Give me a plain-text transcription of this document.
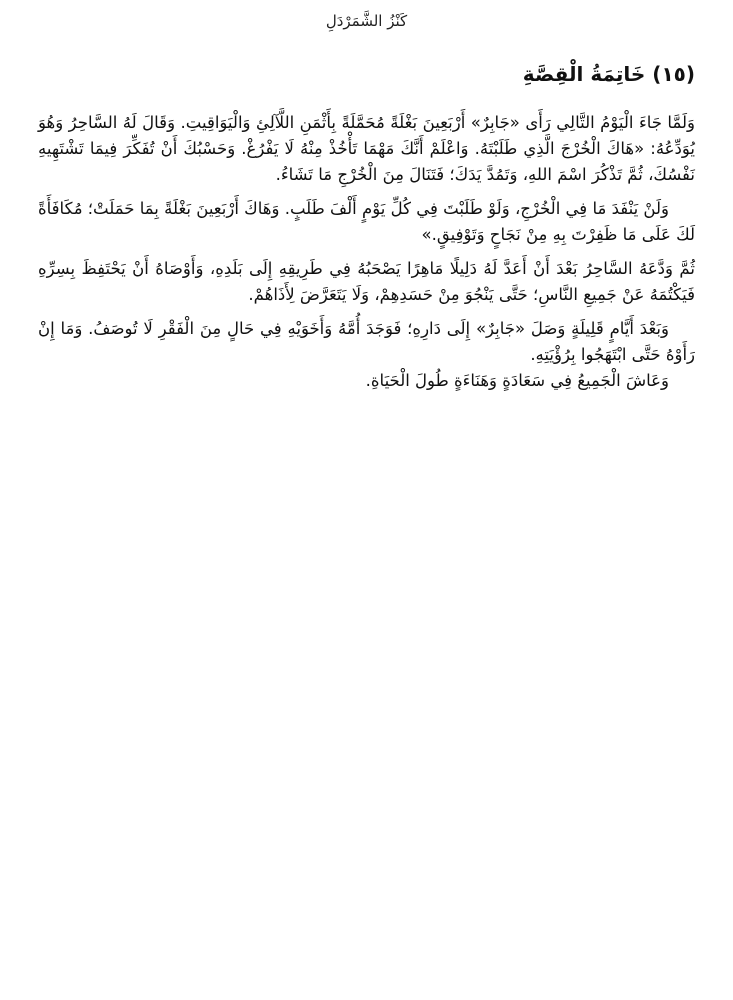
كَنْزُ الشَّمَرْدَلِ
(١٥) خَاتِمَةُ الْقِصَّةِ

وَلَمَّا جَاءَ الْيَوْمُ التَّالِي رَأَى «جَابِرٌ» أَرْبَعِينَ بَغْلَةً مُحَمَّلَةً بِأَثْمَنِ اللَّآلِئِ وَالْيَوَاقِيتِ. وَقَالَ لَهُ السَّاحِرُ وَهُوَ يُوَدِّعُهُ: «هَاكَ الْخُرْجَ الَّذِي طَلَبْتَهُ. وَاعْلَمْ أَنَّكَ مَهْمَا تَأْخُذْ مِنْهُ لَا يَفْرُغْ. وَحَسْبُكَ أَنْ تُفَكِّرَ فِيمَا تَشْتَهِيهِ نَفْسُكَ، ثُمَّ تَذْكُرَ اسْمَ اللهِ، وَتَمُدَّ يَدَكَ؛ فَتَنَالَ مِنَ الْخُرْجِ مَا تَشَاءُ.

وَلَنْ يَنْفَدَ مَا فِي الْخُرْجِ، وَلَوْ طَلَبْتَ فِي كُلِّ يَوْمٍ أَلْفَ طَلَبٍ. وَهَاكَ أَرْبَعِينَ بَغْلَةً بِمَا حَمَلَتْ؛ مُكَافَأَةً لَكَ عَلَى مَا ظَفِرْتَ بِهِ مِنْ نَجَاحٍ وَتَوْفِيقٍ.»

ثُمَّ وَدَّعَهُ السَّاحِرُ بَعْدَ أَنْ أَعَدَّ لَهُ دَلِيلًا مَاهِرًا يَصْحَبُهُ فِي طَرِيقِهِ إِلَى بَلَدِهِ، وَأَوْصَاهُ أَنْ يَحْتَفِظَ بِسِرِّهِ فَيَكْتُمَهُ عَنْ جَمِيعِ النَّاسِ؛ حَتَّى يَنْجُوَ مِنْ حَسَدِهِمْ، وَلَا يَتَعَرَّضَ لِأَذَاهُمْ.

وَبَعْدَ أَيَّامٍ قَلِيلَةٍ وَصَلَ «جَابِرٌ» إِلَى دَارِهِ؛ فَوَجَدَ أُمَّهُ وَأَخَوَيْهِ فِي حَالٍ مِنَ الْفَقْرِ لَا تُوصَفُ. وَمَا إِنْ رَأَوْهُ حَتَّى ابْتَهَجُوا بِرُؤْيَتِهِ.

وَعَاشَ الْجَمِيعُ فِي سَعَادَةٍ وَهَنَاءَةٍ طُولَ الْحَيَاةِ.
